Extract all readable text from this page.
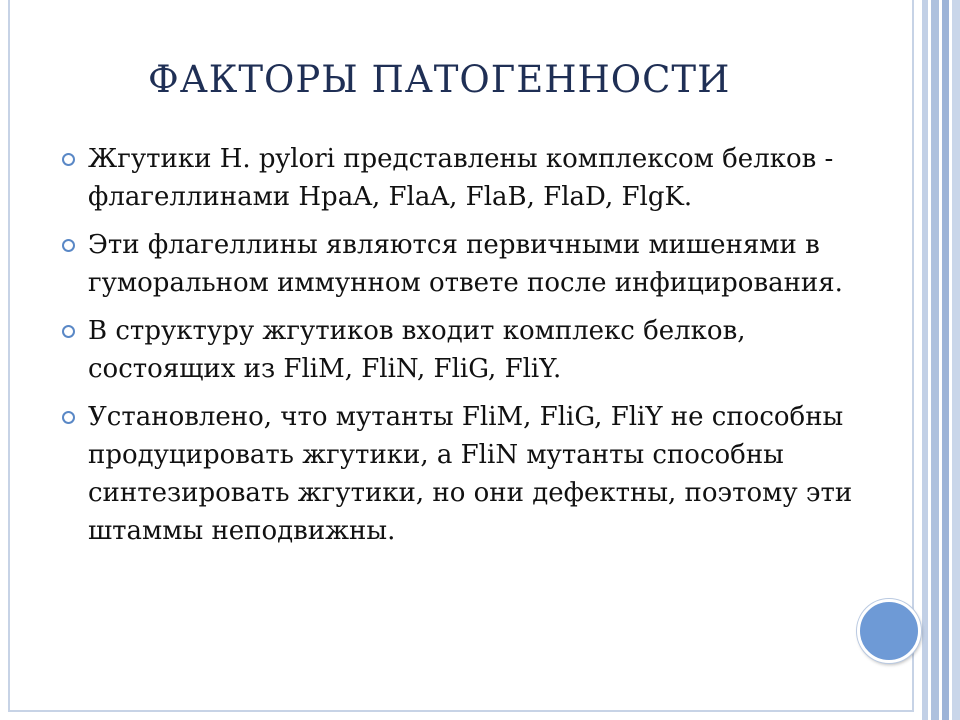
ФАКТОРЫ ПАТОГЕННОСТИ
Жгутики H. pylori представлены комплексом белков - флагеллинами HpaA, FlaA, FlaB, FlaD, FlgK.
Эти флагеллины являются первичными мишенями в гуморальном иммунном ответе после инфицирования.
В структуру жгутиков входит комплекс белков, состоящих из FliM, FliN, FliG, FliY.
Установлено, что мутанты FliM, FliG, FliY не способны продуцировать жгутики, а FliN мутанты способны синтезировать жгутики, но они дефектны, поэтому эти штаммы неподвижны.
